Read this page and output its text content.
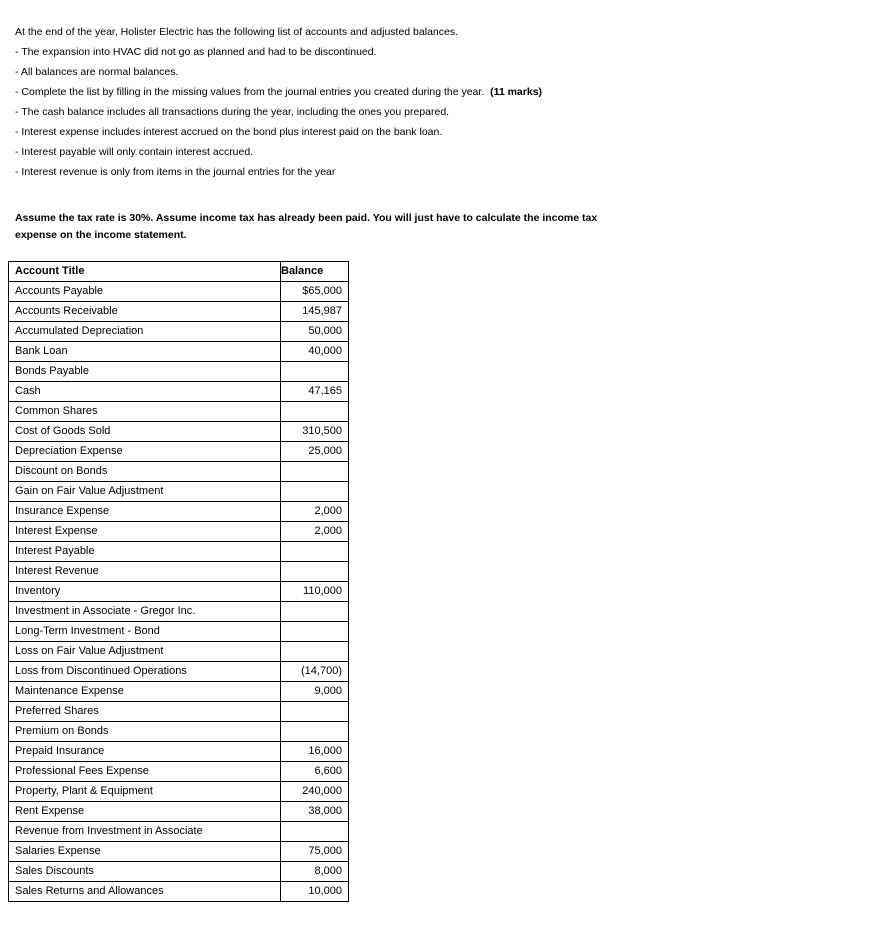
At the end of the year, Holister Electric has the following list of accounts and adjusted balances.
- The expansion into HVAC did not go as planned and had to be discontinued.
- All balances are normal balances.
- Complete the list by filling in the missing values from the journal entries you created during the year. (11 marks)
- The cash balance includes all transactions during the year, including the ones you prepared.
- Interest expense includes interest accrued on the bond plus interest paid on the bank loan.
- Interest payable will only contain interest accrued.
- Interest revenue is only from items in the journal entries for the year
Assume the tax rate is 30%. Assume income tax has already been paid. You will just have to calculate the income tax expense on the income statement.
Account Title	Balance
Accounts Payable	$65,000
Accounts Receivable	145,987
Accumulated Depreciation	50,000
Bank Loan	40,000
Bonds Payable	
Cash	47,165
Common Shares	
Cost of Goods Sold	310,500
Depreciation Expense	25,000
Discount on Bonds	
Gain on Fair Value Adjustment	
Insurance Expense	2,000
Interest Expense	2,000
Interest Payable	
Interest Revenue	
Inventory	110,000
Investment in Associate - Gregor Inc.	
Long-Term Investment - Bond	
Loss on Fair Value Adjustment	
Loss from Discontinued Operations	(14,700)
Maintenance Expense	9,000
Preferred Shares	
Premium on Bonds	
Prepaid Insurance	16,000
Professional Fees Expense	6,600
Property, Plant & Equipment	240,000
Rent Expense	38,000
Revenue from Investment in Associate	
Salaries Expense	75,000
Sales Discounts	8,000
Sales Returns and Allowances	10,000
